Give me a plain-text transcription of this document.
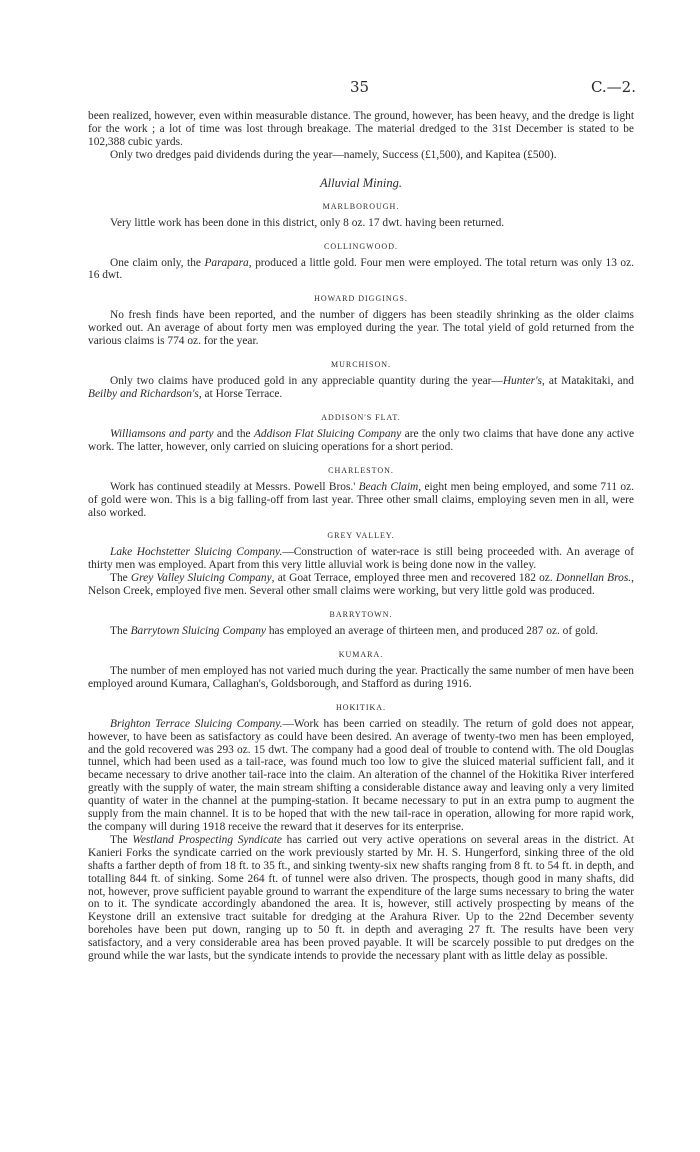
35	C.—2.

been realized, however, even within measurable distance. The ground, however, has been heavy, and the dredge is light for the work ; a lot of time was lost through breakage. The material dredged to the 31st December is stated to be 102,388 cubic yards.

Only two dredges paid dividends during the year—namely, Success (£1,500), and Kapitea (£500).

Alluvial Mining.
MARLBOROUGH.

Very little work has been done in this district, only 8 oz. 17 dwt. having been returned.

COLLINGWOOD.

One claim only, the Parapara, produced a little gold. Four men were employed. The total return was only 13 oz. 16 dwt.

HOWARD DIGGINGS.

No fresh finds have been reported, and the number of diggers has been steadily shrinking as the older claims worked out. An average of about forty men was employed during the year. The total yield of gold returned from the various claims is 774 oz. for the year.

MURCHISON.

Only two claims have produced gold in any appreciable quantity during the year—Hunter's, at Matakitaki, and Beilby and Richardson's, at Horse Terrace.

ADDISON'S FLAT.

Williamsons and party and the Addison Flat Sluicing Company are the only two claims that have done any active work. The latter, however, only carried on sluicing operations for a short period.

CHARLESTON.

Work has continued steadily at Messrs. Powell Bros.' Beach Claim, eight men being employed, and some 711 oz. of gold were won. This is a big falling-off from last year. Three other small claims, employing seven men in all, were also worked.

GREY VALLEY.

Lake Hochstetter Sluicing Company.—Construction of water-race is still being proceeded with. An average of thirty men was employed. Apart from this very little alluvial work is being done now in the valley.

The Grey Valley Sluicing Company, at Goat Terrace, employed three men and recovered 182 oz. Donnellan Bros., Nelson Creek, employed five men. Several other small claims were working, but very little gold was produced.

BARRYTOWN.

The Barrytown Sluicing Company has employed an average of thirteen men, and produced 287 oz. of gold.

KUMARA.

The number of men employed has not varied much during the year. Practically the same number of men have been employed around Kumara, Callaghan's, Goldsborough, and Stafford as during 1916.

HOKITIKA.

Brighton Terrace Sluicing Company.—Work has been carried on steadily. The return of gold does not appear, however, to have been as satisfactory as could have been desired. An average of twenty-two men has been employed, and the gold recovered was 293 oz. 15 dwt. The company had a good deal of trouble to contend with. The old Douglas tunnel, which had been used as a tail-race, was found much too low to give the sluiced material sufficient fall, and it became necessary to drive another tail-race into the claim. An alteration of the channel of the Hokitika River interfered greatly with the supply of water, the main stream shifting a considerable distance away and leaving only a very limited quantity of water in the channel at the pumping-station. It became necessary to put in an extra pump to augment the supply from the main channel. It is to be hoped that with the new tail-race in operation, allowing for more rapid work, the company will during 1918 receive the reward that it deserves for its enterprise.

The Westland Prospecting Syndicate has carried out very active operations on several areas in the district. At Kanieri Forks the syndicate carried on the work previously started by Mr. H. S. Hungerford, sinking three of the old shafts a farther depth of from 18 ft. to 35 ft., and sinking twenty-six new shafts ranging from 8 ft. to 54 ft. in depth, and totalling 844 ft. of sinking. Some 264 ft. of tunnel were also driven. The prospects, though good in many shafts, did not, however, prove sufficient payable ground to warrant the expenditure of the large sums necessary to bring the water on to it. The syndicate accordingly abandoned the area. It is, however, still actively prospecting by means of the Keystone drill an extensive tract suitable for dredging at the Arahura River. Up to the 22nd December seventy boreholes have been put down, ranging up to 50 ft. in depth and averaging 27 ft. The results have been very satisfactory, and a very considerable area has been proved payable. It will be scarcely possible to put dredges on the ground while the war lasts, but the syndicate intends to provide the necessary plant with as little delay as possible.
